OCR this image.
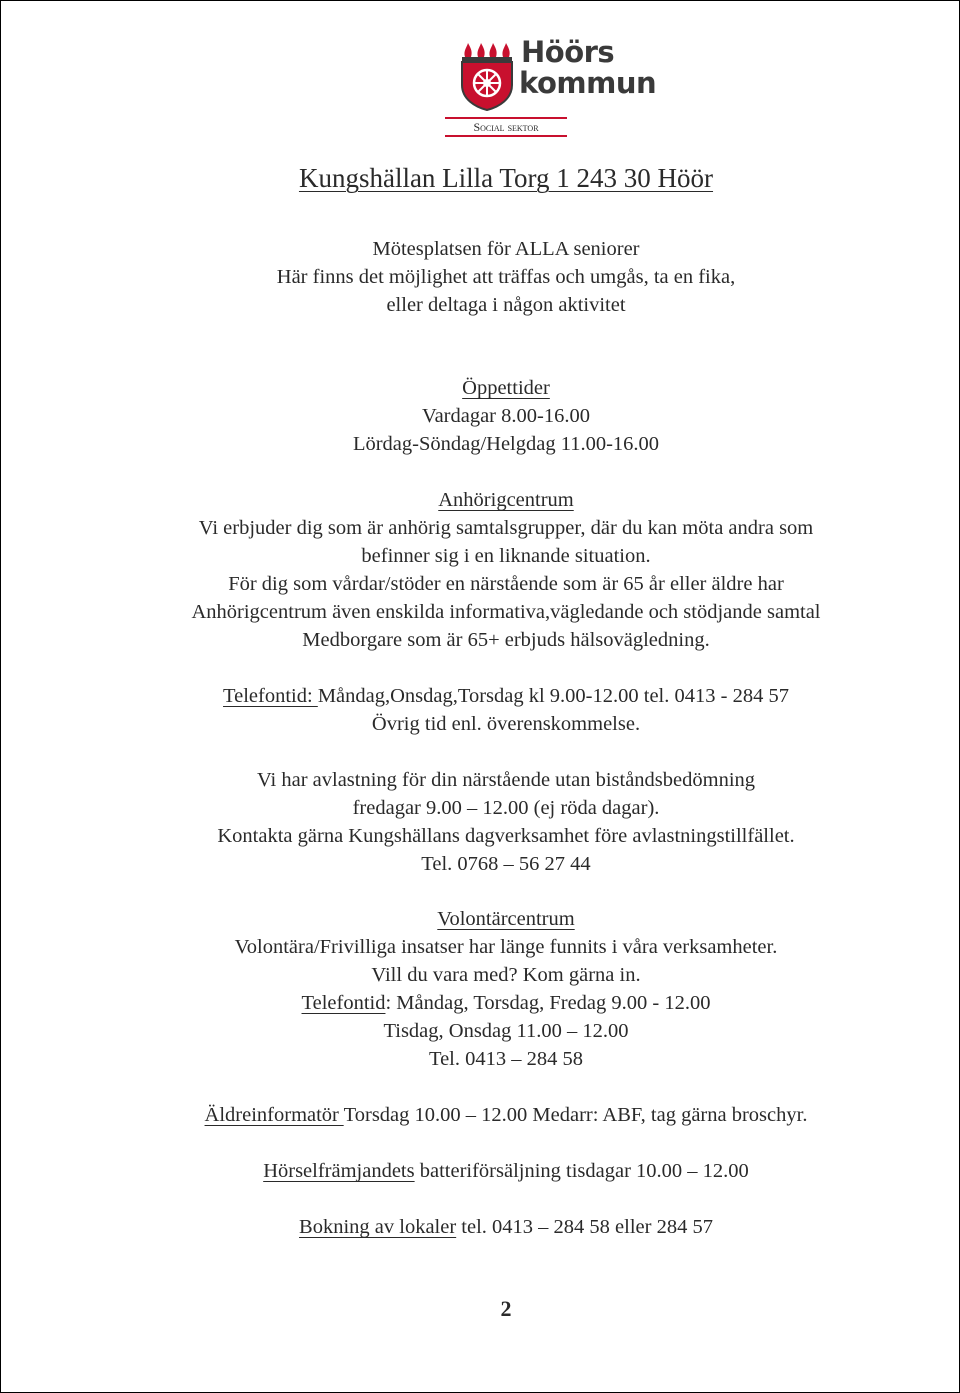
Höörs
kommun
Social sektor
Kungshällan Lilla Torg 1 243 30 Höör
Mötesplatsen för ALLA seniorer
Här finns det möjlighet att träffas och umgås, ta en fika,
eller deltaga i någon aktivitet
Öppettider
Vardagar 8.00-16.00
Lördag-Söndag/Helgdag 11.00-16.00
Anhörigcentrum
Vi erbjuder dig som är anhörig samtalsgrupper, där du kan möta andra som
befinner sig i en liknande situation.
För dig som vårdar/stöder en närstående som är 65 år eller äldre har
Anhörigcentrum även enskilda informativa,vägledande och stödjande samtal
Medborgare som är 65+ erbjuds hälsovägledning.
Telefontid: Måndag,Onsdag,Torsdag kl 9.00-12.00 tel. 0413 - 284 57
Övrig tid enl. överenskommelse.
Vi har avlastning för din närstående utan biståndsbedömning
fredagar 9.00 – 12.00 (ej röda dagar).
Kontakta gärna Kungshällans dagverksamhet före avlastningstillfället.
Tel. 0768 – 56 27 44
Volontärcentrum
Volontära/Frivilliga insatser har länge funnits i våra verksamheter.
Vill du vara med? Kom gärna in.
Telefontid: Måndag, Torsdag, Fredag 9.00 - 12.00
Tisdag, Onsdag 11.00 – 12.00
Tel. 0413 – 284 58
Äldreinformatör Torsdag 10.00 – 12.00 Medarr: ABF, tag gärna broschyr.
Hörselfrämjandets batteriförsäljning tisdagar 10.00 – 12.00
Bokning av lokaler tel. 0413 – 284 58 eller 284 57
2
